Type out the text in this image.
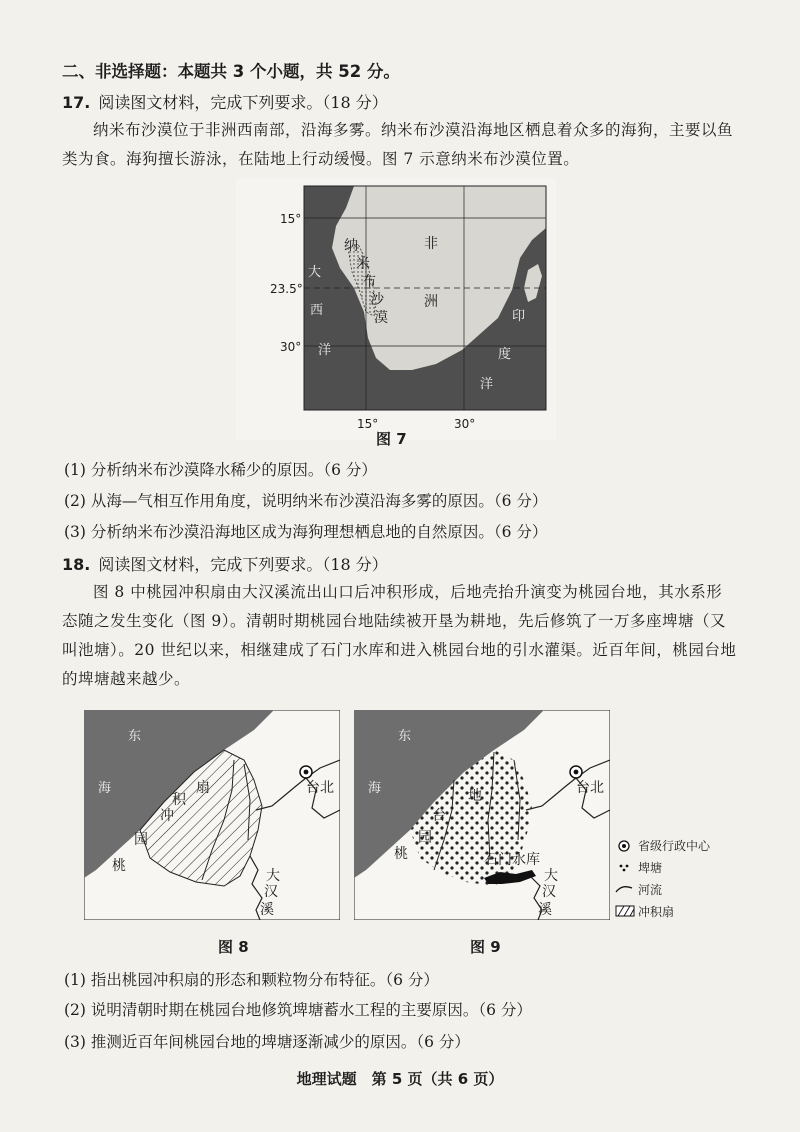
二、非选择题：本题共 3 个小题，共 52 分。
17. 阅读图文材料，完成下列要求。（18 分）
纳米布沙漠位于非洲西南部，沿海多雾。纳米布沙漠沿海地区栖息着众多的海狗，主要以鱼类为食。海狗擅长游泳，在陆地上行动缓慢。图 7 示意纳米布沙漠位置。
15°
23.5°
30°
15°	30°
纳
米
布
沙
漠
非
洲
大
西
洋
印
度
洋
图 7
(1) 分析纳米布沙漠降水稀少的原因。（6 分）
(2) 从海—气相互作用角度，说明纳米布沙漠沿海多雾的原因。（6 分）
(3) 分析纳米布沙漠沿海地区成为海狗理想栖息地的自然原因。（6 分）
18. 阅读图文材料，完成下列要求。（18 分）
图 8 中桃园冲积扇由大汉溪流出山口后冲积形成，后地壳抬升演变为桃园台地，其水系形态随之发生变化（图 9）。清朝时期桃园台地陆续被开垦为耕地，先后修筑了一万多座埤塘（又叫池塘）。20 世纪以来，相继建成了石门水库和进入桃园台地的引水灌渠。近百年间，桃园台地的埤塘越来越少。
东
海
桃
园
冲
积
扇	台北
大
汉
溪
图 8
东
海
桃
园
台
地	台北
石门水库
大
汉
溪
图 9
省级行政中心
埤塘
河流
冲积扇
(1) 指出桃园冲积扇的形态和颗粒物分布特征。（6 分）
(2) 说明清朝时期在桃园台地修筑埤塘蓄水工程的主要原因。（6 分）
(3) 推测近百年间桃园台地的埤塘逐渐减少的原因。（6 分）
地理试题　第 5 页（共 6 页）
